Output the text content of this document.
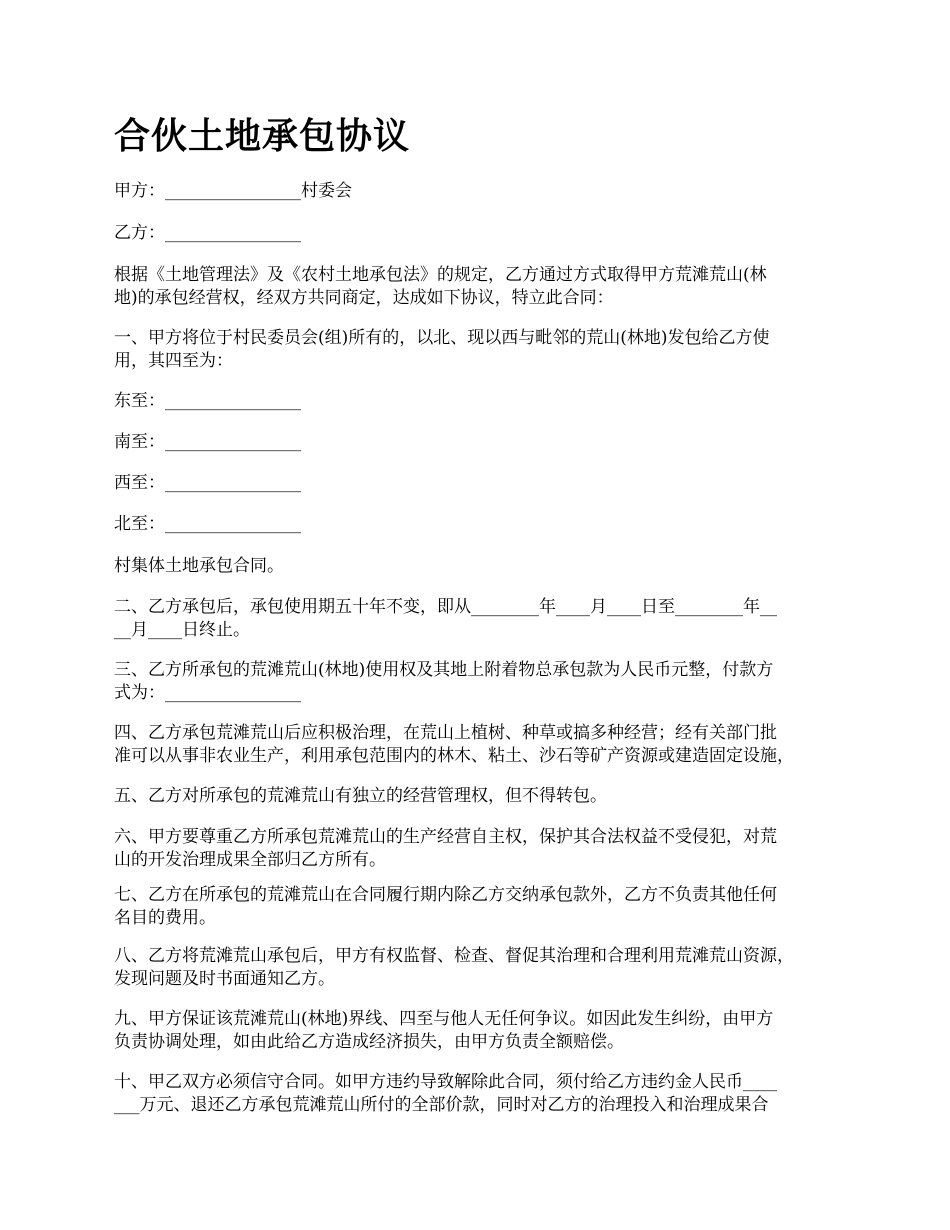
合伙土地承包协议

甲方：________________村委会

乙方：________________

根据《土地管理法》及《农村土地承包法》的规定，乙方通过方式取得甲方荒滩荒山(林
地)的承包经营权，经双方共同商定，达成如下协议，特立此合同：

一、甲方将位于村民委员会(组)所有的，以北、现以西与毗邻的荒山(林地)发包给乙方使
用，其四至为：

东至：________________

南至：________________

西至：________________

北至：________________

村集体土地承包合同。

二、乙方承包后，承包使用期五十年不变，即从________年____月____日至________年__
__月____日终止。

三、乙方所承包的荒滩荒山(林地)使用权及其地上附着物总承包款为人民币元整，付款方
式为：________________

四、乙方承包荒滩荒山后应积极治理，在荒山上植树、种草或搞多种经营；经有关部门批
准可以从事非农业生产，利用承包范围内的林木、粘土、沙石等矿产资源或建造固定设施，

五、乙方对所承包的荒滩荒山有独立的经营管理权，但不得转包。

六、甲方要尊重乙方所承包荒滩荒山的生产经营自主权，保护其合法权益不受侵犯，对荒
山的开发治理成果全部归乙方所有。

七、乙方在所承包的荒滩荒山在合同履行期内除乙方交纳承包款外，乙方不负责其他任何
名目的费用。

八、乙方将荒滩荒山承包后，甲方有权监督、检查、督促其治理和合理利用荒滩荒山资源，
发现问题及时书面通知乙方。

九、甲方保证该荒滩荒山(林地)界线、四至与他人无任何争议。如因此发生纠纷，由甲方
负责协调处理，如由此给乙方造成经济损失，由甲方负责全额赔偿。

十、甲乙双方必须信守合同。如甲方违约导致解除此合同，须付给乙方违约金人民币____
___万元、退还乙方承包荒滩荒山所付的全部价款，同时对乙方的治理投入和治理成果合
